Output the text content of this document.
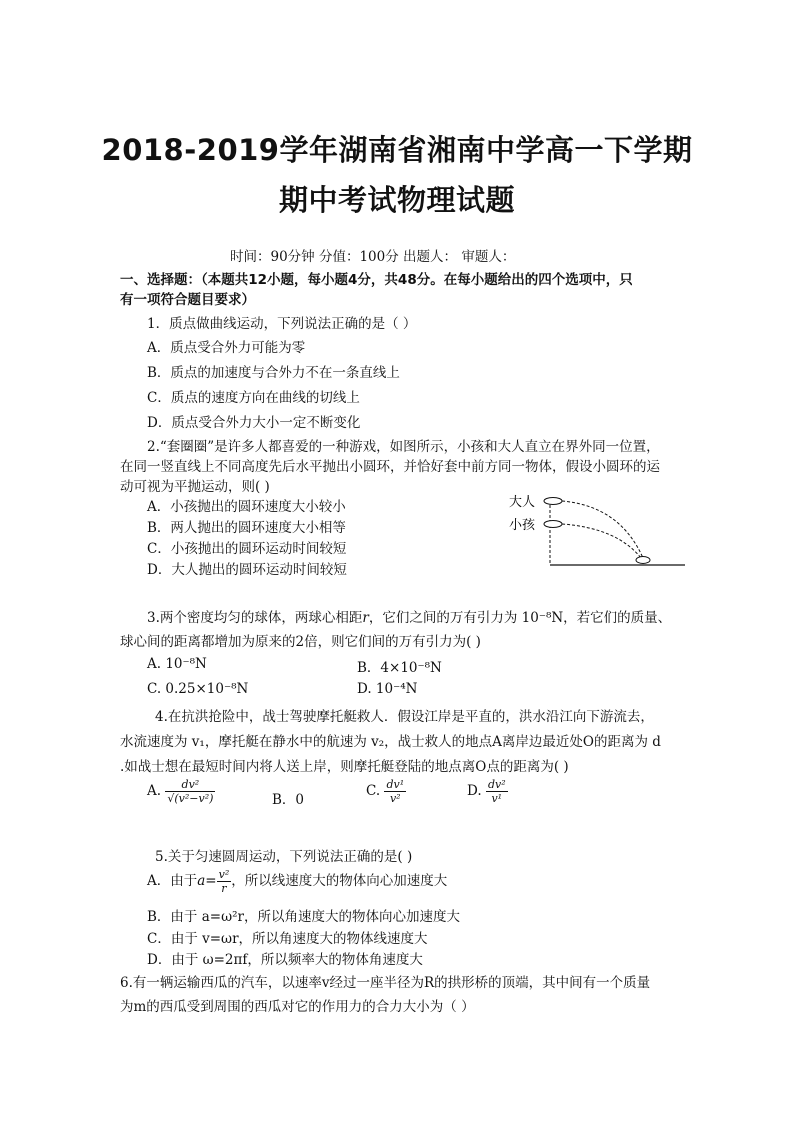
2018-2019学年湖南省湘南中学高一下学期
期中考试物理试题
时间：90分钟 分值：100分 出题人： 审题人：
一、选择题：（本题共12小题，每小题4分，共48分。在每小题给出的四个选项中，只
有一项符合题目要求）
1．质点做曲线运动，下列说法正确的是（ ）
A．质点受合外力可能为零
B．质点的加速度与合外力不在一条直线上
C．质点的速度方向在曲线的切线上
D．质点受合外力大小一定不断变化
2.“套圈圈”是许多人都喜爱的一种游戏，如图所示，小孩和大人直立在界外同一位置，
在同一竖直线上不同高度先后水平抛出小圆环，并恰好套中前方同一物体，假设小圆环的运
动可视为平抛运动，则( )
A．小孩抛出的圆环速度大小较小
B．两人抛出的圆环速度大小相等
C．小孩抛出的圆环运动时间较短
D．大人抛出的圆环运动时间较短
大人
小孩
3.两个密度均匀的球体，两球心相距r，它们之间的万有引力为 10⁻⁸N，若它们的质量、
球心间的距离都增加为原来的2倍，则它们间的万有引力为( )
A. 10⁻⁸N	B．4×10⁻⁸N
C. 0.25×10⁻⁸N	D. 10⁻⁴N
4.在抗洪抢险中，战士驾驶摩托艇救人．假设江岸是平直的，洪水沿江向下游流去，
水流速度为 v₁，摩托艇在静水中的航速为 v₂，战士救人的地点A离岸边最近处O的距离为 d
.如战士想在最短时间内将人送上岸，则摩托艇登陆的地点离O点的距离为( )
A. $\frac{\text{dv²}}{\text{√(v²−v²)}}$	B．0
C. $\frac{\text{dv¹}}{\text{v²}}$	D. $\frac{\text{dv²}}{\text{v¹}}$
5.关于匀速圆周运动，下列说法正确的是( )
A．由于$a= \frac{\text{v²}}{r}$ ，所以线速度大的物体向心加速度大
B．由于 a=ω²r，所以角速度大的物体向心加速度大
C．由于 v=ωr，所以角速度大的物体线速度大
D．由于 ω=2πf，所以频率大的物体角速度大
6.有一辆运输西瓜的汽车，以速率v经过一座半径为R的拱形桥的顶端，其中间有一个质量
为m的西瓜受到周围的西瓜对它的作用力的合力大小为（ ）
